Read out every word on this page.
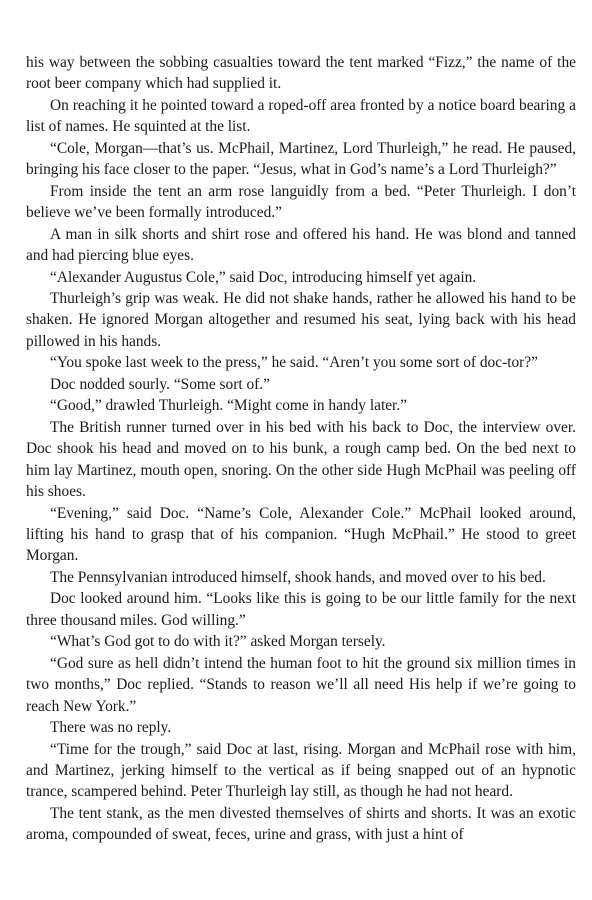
his way between the sobbing casualties toward the tent marked “Fizz,” the name of the root beer company which had supplied it.

On reaching it he pointed toward a roped-off area fronted by a notice board bearing a list of names. He squinted at the list.

“Cole, Morgan—that’s us. McPhail, Martinez, Lord Thurleigh,” he read. He paused, bringing his face closer to the paper. “Jesus, what in God’s name’s a Lord Thurleigh?”

From inside the tent an arm rose languidly from a bed. “Peter Thurleigh. I don’t believe we’ve been formally introduced.”

A man in silk shorts and shirt rose and offered his hand. He was blond and tanned and had piercing blue eyes.

“Alexander Augustus Cole,” said Doc, introducing himself yet again.

Thurleigh’s grip was weak. He did not shake hands, rather he allowed his hand to be shaken. He ignored Morgan altogether and resumed his seat, lying back with his head pillowed in his hands.

“You spoke last week to the press,” he said. “Aren’t you some sort of doc-tor?”

Doc nodded sourly. “Some sort of.”

“Good,” drawled Thurleigh. “Might come in handy later.”

The British runner turned over in his bed with his back to Doc, the interview over. Doc shook his head and moved on to his bunk, a rough camp bed. On the bed next to him lay Martinez, mouth open, snoring. On the other side Hugh McPhail was peeling off his shoes.

“Evening,” said Doc. “Name’s Cole, Alexander Cole.” McPhail looked around, lifting his hand to grasp that of his companion. “Hugh McPhail.” He stood to greet Morgan.

The Pennsylvanian introduced himself, shook hands, and moved over to his bed.

Doc looked around him. “Looks like this is going to be our little family for the next three thousand miles. God willing.”

“What’s God got to do with it?” asked Morgan tersely.

“God sure as hell didn’t intend the human foot to hit the ground six million times in two months,” Doc replied. “Stands to reason we’ll all need His help if we’re going to reach New York.”

There was no reply.

“Time for the trough,” said Doc at last, rising. Morgan and McPhail rose with him, and Martinez, jerking himself to the vertical as if being snapped out of an hypnotic trance, scampered behind. Peter Thurleigh lay still, as though he had not heard.

The tent stank, as the men divested themselves of shirts and shorts. It was an exotic aroma, compounded of sweat, feces, urine and grass, with just a hint of
